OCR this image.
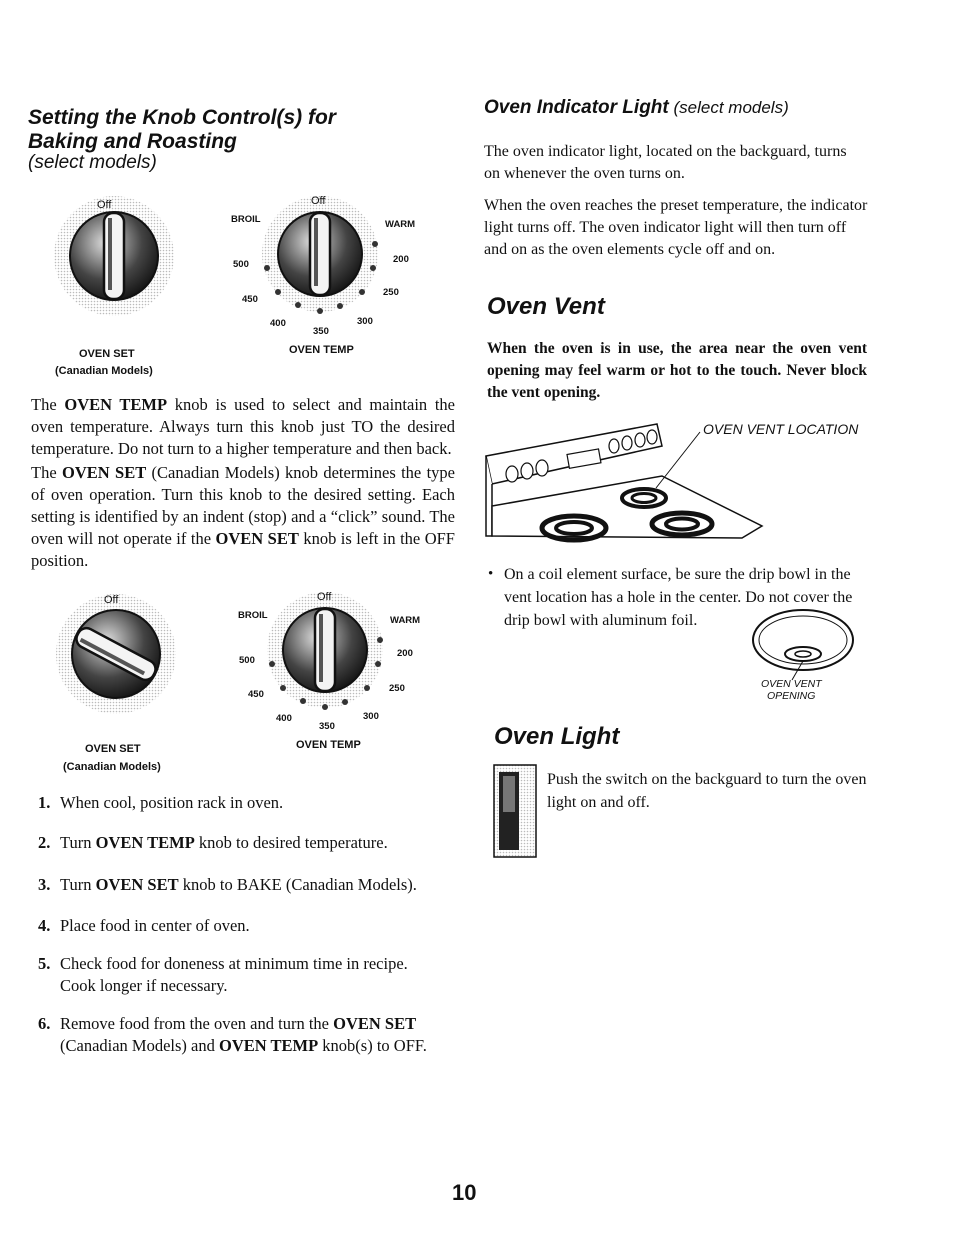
Setting the Knob Control(s) for
Baking and Roasting
(select models)
Off	Off
BROIL	WARM
500	200
450
250
400
350
300
OVEN SET
(Canadian Models)
OVEN TEMP

The OVEN TEMP knob is used to select and maintain the oven temperature. Always turn this knob just TO the desired temperature. Do not turn to a higher temperature and then back.

The OVEN SET (Canadian Models) knob determines the type of oven operation. Turn this knob to the desired setting. Each setting is identified by an indent (stop) and a “click” sound. The oven will not operate if the OVEN SET knob is left in the OFF position.

Off	Off
BROIL	WARM
500
200
450
250
400
350
300
OVEN SET
(Canadian Models)
OVEN TEMP
1. When cool, position rack in oven.
2. Turn OVEN TEMP knob to desired temperature.
3. Turn OVEN SET knob to BAKE (Canadian Models).
4. Place food in center of oven.
5. Check food for doneness at minimum time in recipe.
Cook longer if necessary.
6. Remove food from the oven and turn the OVEN SET
(Canadian Models) and OVEN TEMP knob(s) to OFF.
Oven Indicator Light (select models)

The oven indicator light, located on the backguard, turns on whenever the oven turns on.

When the oven reaches the preset temperature, the indicator light turns off. The oven indicator light will then turn off and on as the oven elements cycle off and on.

Oven Vent

When the oven is in use, the area near the oven vent opening may feel warm or hot to the touch. Never block the vent opening.

OVEN VENT LOCATION
• On a coil element surface, be sure the drip bowl in the vent location has a hole in the center. Do not cover the drip bowl with aluminum foil.

OVEN VENT
OPENING
Oven Light

Push the switch on the backguard to turn the oven light on and off.

10
